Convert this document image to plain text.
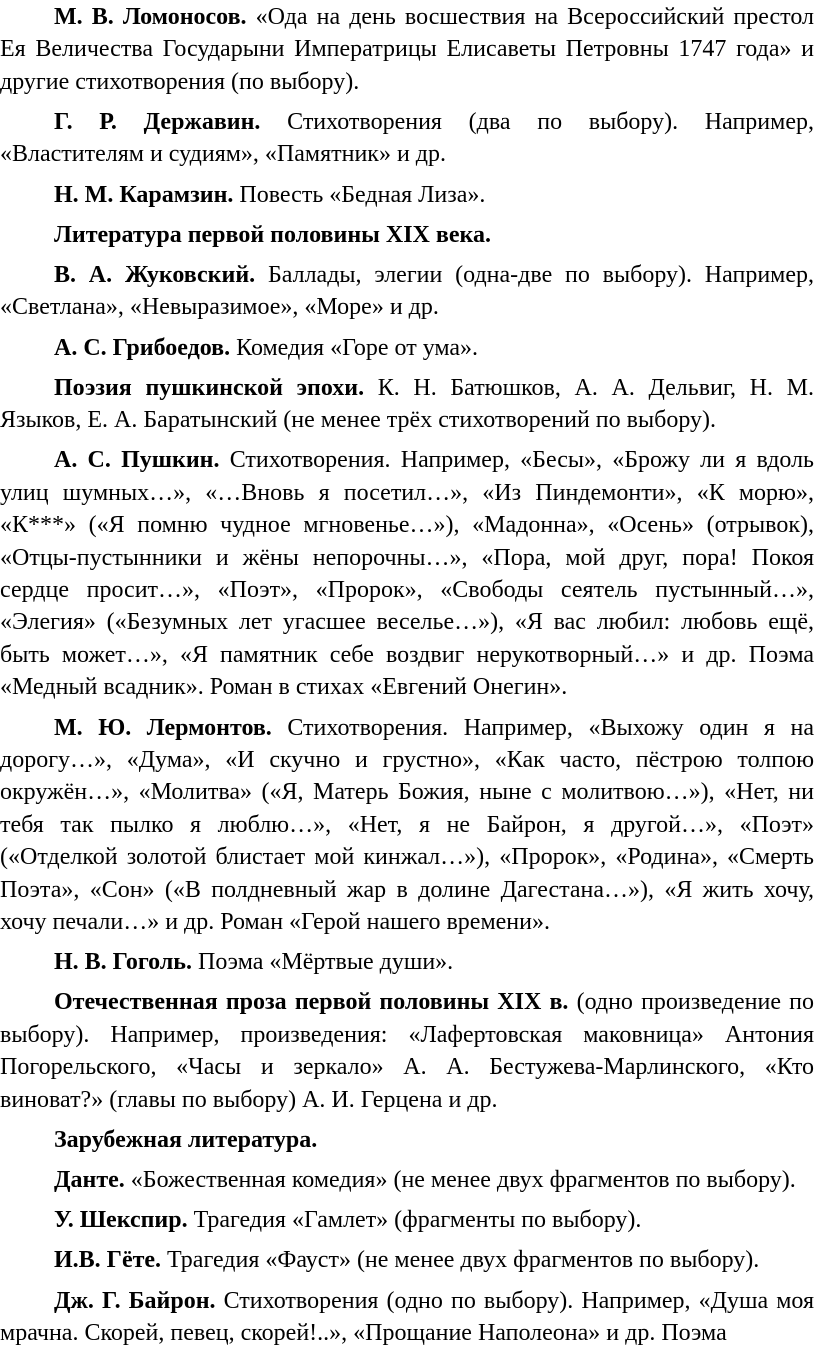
М. В. Ломоносов. «Ода на день восшествия на Всероссийский престол Ея Величества Государыни Императрицы Елисаветы Петровны 1747 года» и другие стихотворения (по выбору).

Г. Р. Державин. Стихотворения (два по выбору). Например, «Властителям и судиям», «Памятник» и др.

Н. М. Карамзин. Повесть «Бедная Лиза».

Литература первой половины XIX века.

В. А. Жуковский. Баллады, элегии (одна-две по выбору). Например, «Светлана», «Невыразимое», «Море» и др.

А. С. Грибоедов. Комедия «Горе от ума».

Поэзия пушкинской эпохи. К. Н. Батюшков, А. А. Дельвиг, Н. М. Языков, Е. А. Баратынский (не менее трёх стихотворений по выбору).

А. С. Пушкин. Стихотворения. Например, «Бесы», «Брожу ли я вдоль улиц шумных…», «…Вновь я посетил…», «Из Пиндемонти», «К морю», «К***» («Я помню чудное мгновенье…»), «Мадонна», «Осень» (отрывок), «Отцы-пустынники и жёны непорочны…», «Пора, мой друг, пора! Покоя сердце просит…», «Поэт», «Пророк», «Свободы сеятель пустынный…», «Элегия» («Безумных лет угасшее веселье…»), «Я вас любил: любовь ещё, быть может…», «Я памятник себе воздвиг нерукотворный…» и др. Поэма «Медный всадник». Роман в стихах «Евгений Онегин».

М. Ю. Лермонтов. Стихотворения. Например, «Выхожу один я на дорогу…», «Дума», «И скучно и грустно», «Как часто, пёстрою толпою окружён…», «Молитва» («Я, Матерь Божия, ныне с молитвою…»), «Нет, ни тебя так пылко я люблю…», «Нет, я не Байрон, я другой…», «Поэт» («Отделкой золотой блистает мой кинжал…»), «Пророк», «Родина», «Смерть Поэта», «Сон» («В полдневный жар в долине Дагестана…»), «Я жить хочу, хочу печали…» и др. Роман «Герой нашего времени».

Н. В. Гоголь. Поэма «Мёртвые души».

Отечественная проза первой половины XIX в. (одно произведение по выбору). Например, произведения: «Лафертовская маковница» Антония Погорельского, «Часы и зеркало» А. А. Бестужева-Марлинского, «Кто виноват?» (главы по выбору) А. И. Герцена и др.

Зарубежная литература.

Данте. «Божественная комедия» (не менее двух фрагментов по выбору).

У. Шекспир. Трагедия «Гамлет» (фрагменты по выбору).

И.В. Гёте. Трагедия «Фауст» (не менее двух фрагментов по выбору).

Дж. Г. Байрон. Стихотворения (одно по выбору). Например, «Душа моя мрачна. Скорей, певец, скорей!..», «Прощание Наполеона» и др. Поэма
